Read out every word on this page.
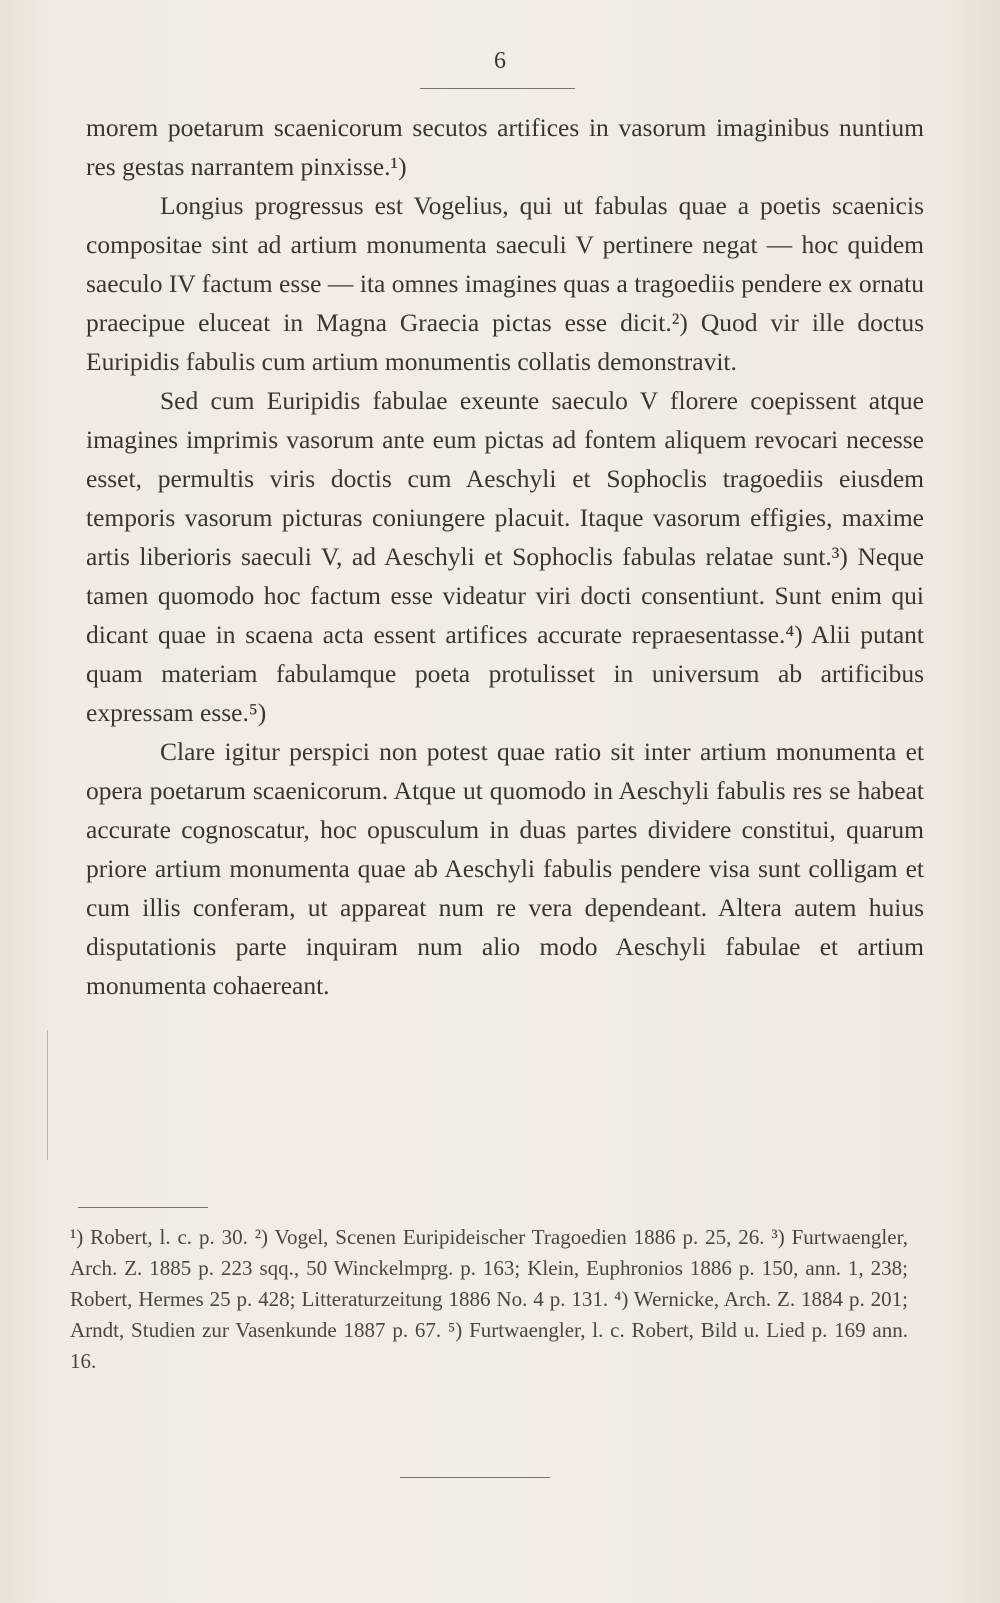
6

morem poetarum scaenicorum secutos artifices in vasorum imaginibus nuntium res gestas narrantem pinxisse.¹)

Longius progressus est Vogelius, qui ut fabulas quae a poetis scaenicis compositae sint ad artium monumenta saeculi V pertinere negat — hoc quidem saeculo IV factum esse — ita omnes imagines quas a tragoediis pendere ex ornatu praecipue eluceat in Magna Graecia pictas esse dicit.²) Quod vir ille doctus Euripidis fabulis cum artium monumentis collatis demonstravit.

Sed cum Euripidis fabulae exeunte saeculo V florere coepissent atque imagines imprimis vasorum ante eum pictas ad fontem aliquem revocari necesse esset, permultis viris doctis cum Aeschyli et Sophoclis tragoediis eiusdem temporis vasorum picturas coniungere placuit. Itaque vasorum effigies, maxime artis liberioris saeculi V, ad Aeschyli et Sophoclis fabulas relatae sunt.³) Neque tamen quomodo hoc factum esse videatur viri docti consentiunt. Sunt enim qui dicant quae in scaena acta essent artifices accurate repraesentasse.⁴) Alii putant quam materiam fabulamque poeta protulisset in universum ab artificibus expressam esse.⁵)

Clare igitur perspici non potest quae ratio sit inter artium monumenta et opera poetarum scaenicorum. Atque ut quomodo in Aeschyli fabulis res se habeat accurate cognoscatur, hoc opusculum in duas partes dividere constitui, quarum priore artium monumenta quae ab Aeschyli fabulis pendere visa sunt colligam et cum illis conferam, ut appareat num re vera dependeant. Altera autem huius disputationis parte inquiram num alio modo Aeschyli fabulae et artium monumenta cohaereant.

¹) Robert, l. c. p. 30. ²) Vogel, Scenen Euripideischer Tragoedien 1886 p. 25, 26. ³) Furtwaengler, Arch. Z. 1885 p. 223 sqq., 50 Winckelmprg. p. 163; Klein, Euphronios 1886 p. 150, ann. 1, 238; Robert, Hermes 25 p. 428; Litteraturzeitung 1886 No. 4 p. 131. ⁴) Wernicke, Arch. Z. 1884 p. 201; Arndt, Studien zur Vasenkunde 1887 p. 67. ⁵) Furtwaengler, l. c. Robert, Bild u. Lied p. 169 ann. 16.
